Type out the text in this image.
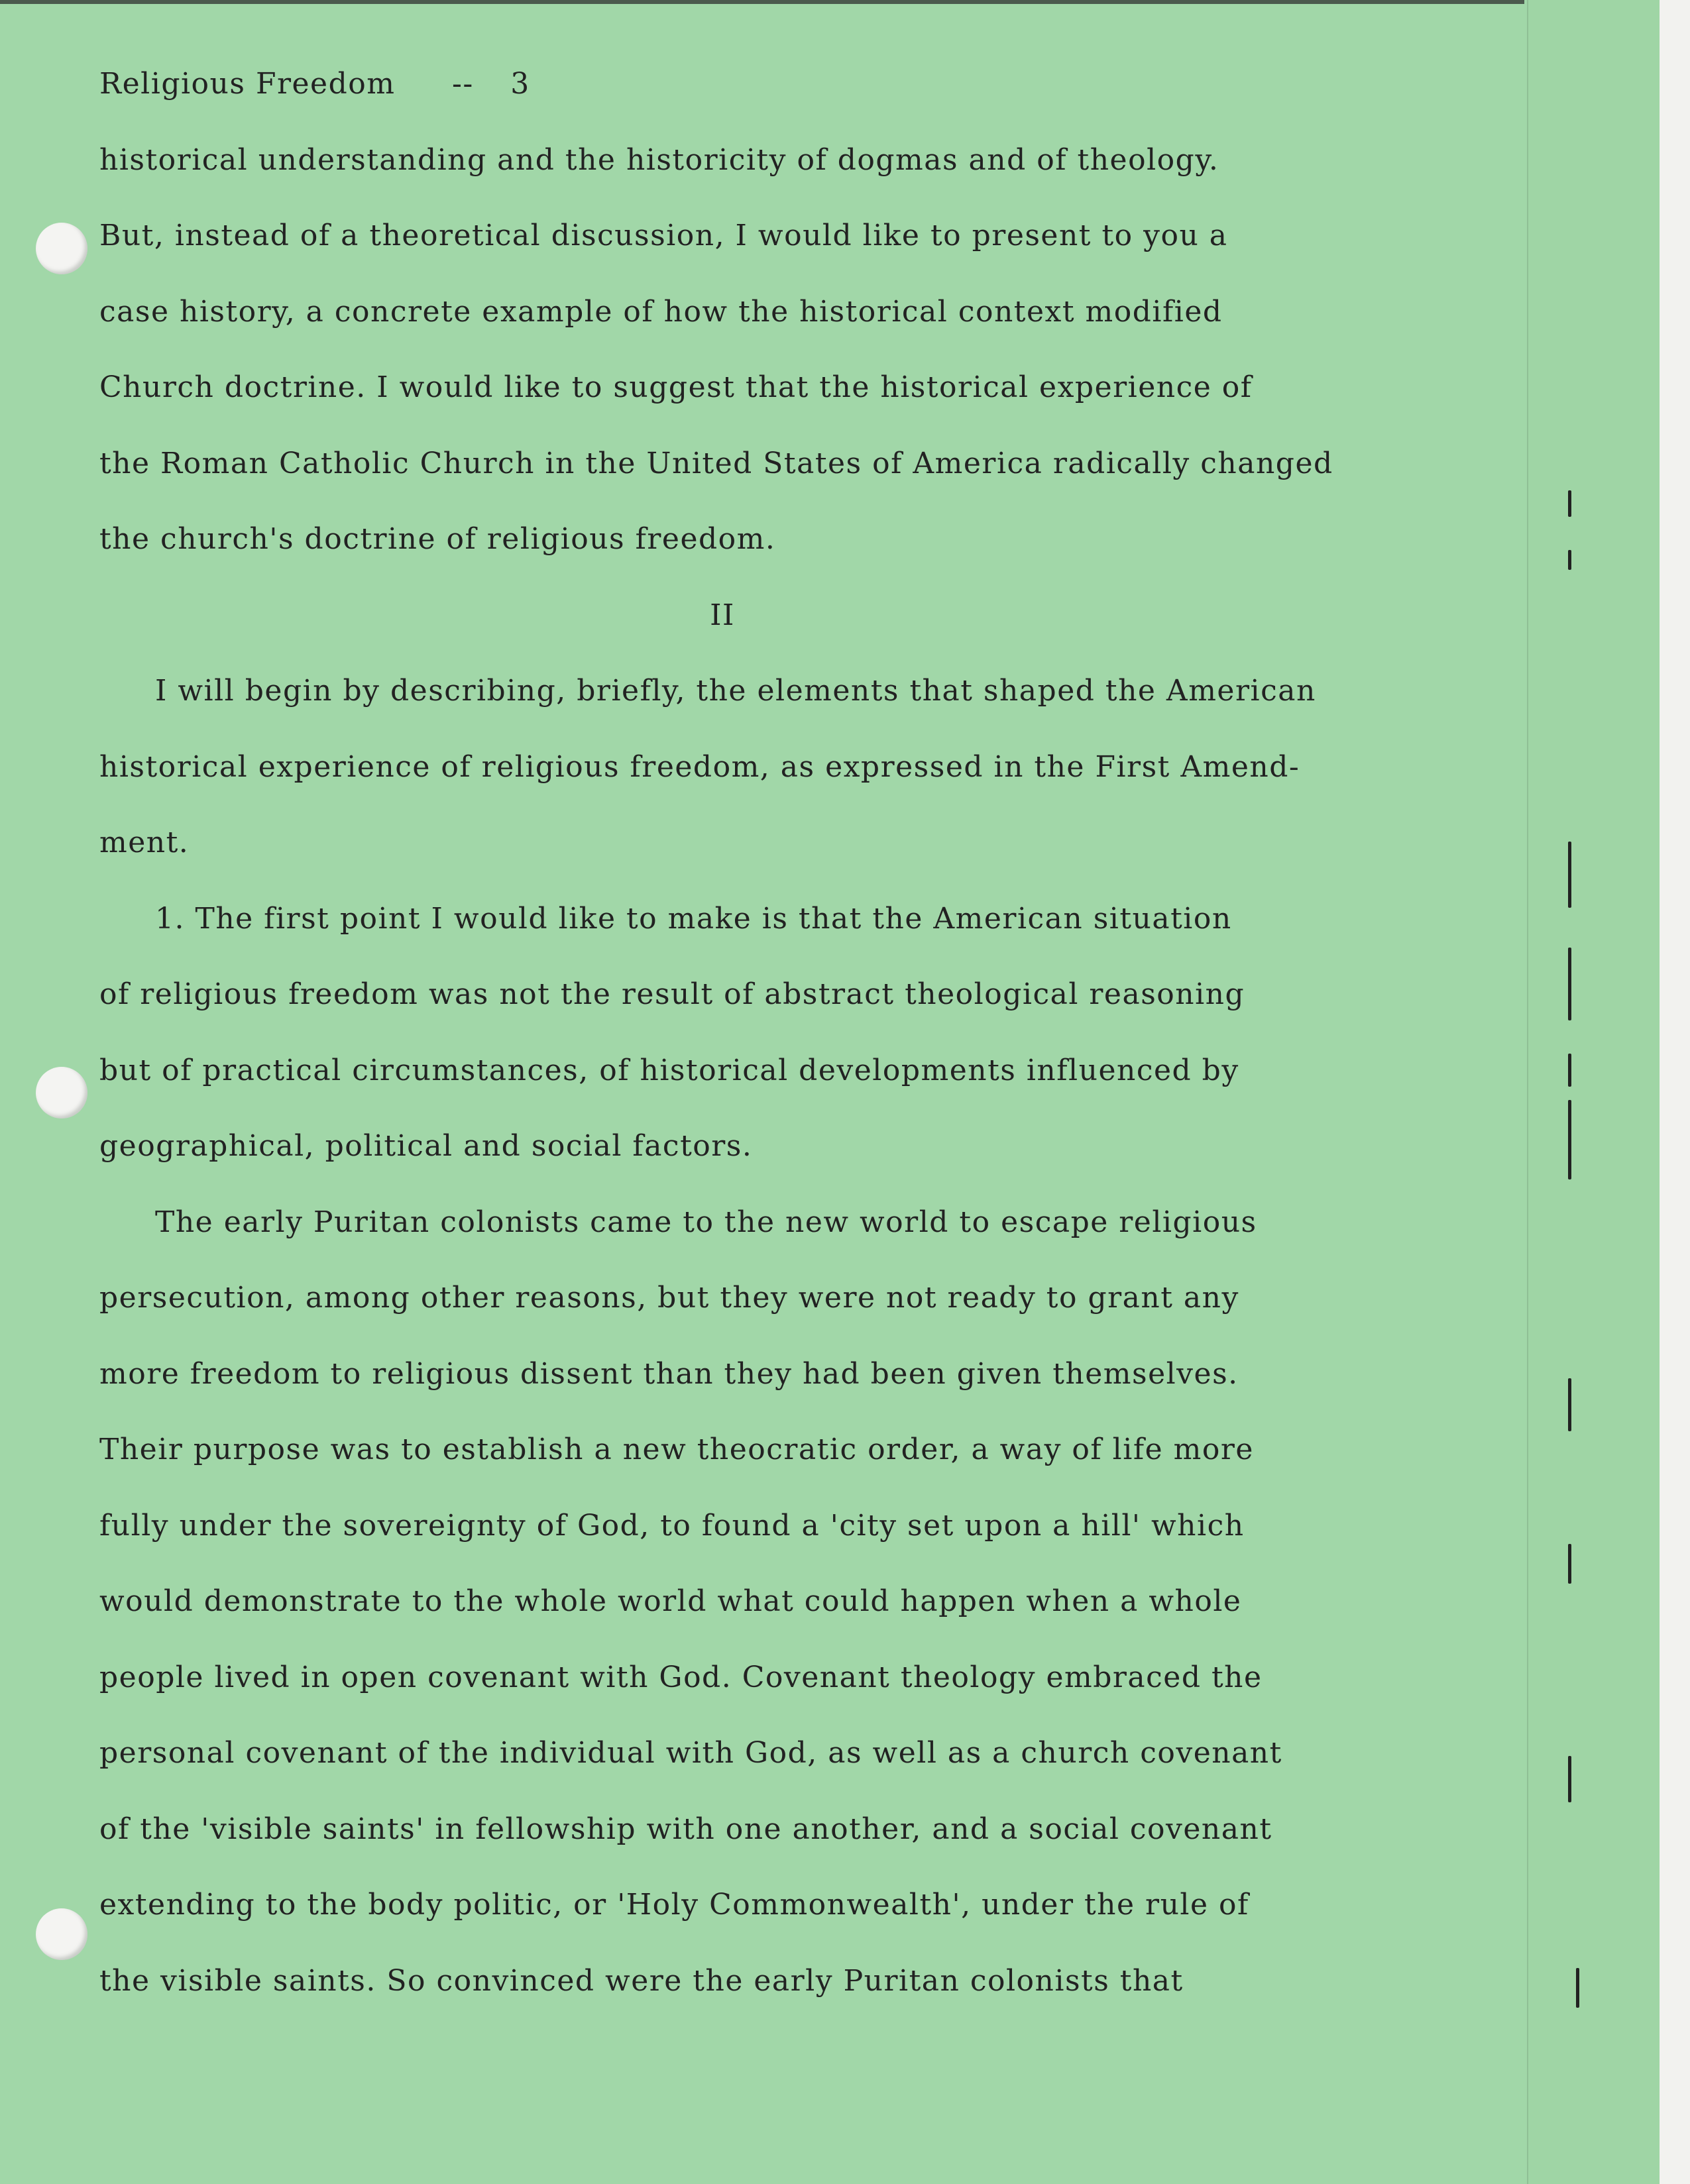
Religious Freedom -- 3

historical understanding and the historicity of dogmas and of theology.

But, instead of a theoretical discussion, I would like to present to you a

case history, a concrete example of how the historical context modified

Church doctrine. I would like to suggest that the historical experience of

the Roman Catholic Church in the United States of America radically changed

the church's doctrine of religious freedom.

II

I will begin by describing, briefly, the elements that shaped the American

historical experience of religious freedom, as expressed in the First Amend-

ment.

1. The first point I would like to make is that the American situation

of religious freedom was not the result of abstract theological reasoning

but of practical circumstances, of historical developments influenced by

geographical, political and social factors.

The early Puritan colonists came to the new world to escape religious

persecution, among other reasons, but they were not ready to grant any

more freedom to religious dissent than they had been given themselves.

Their purpose was to establish a new theocratic order, a way of life more

fully under the sovereignty of God, to found a 'city set upon a hill' which

would demonstrate to the whole world what could happen when a whole

people lived in open covenant with God. Covenant theology embraced the

personal covenant of the individual with God, as well as a church covenant

of the 'visible saints' in fellowship with one another, and a social covenant

extending to the body politic, or 'Holy Commonwealth', under the rule of

the visible saints. So convinced were the early Puritan colonists that
